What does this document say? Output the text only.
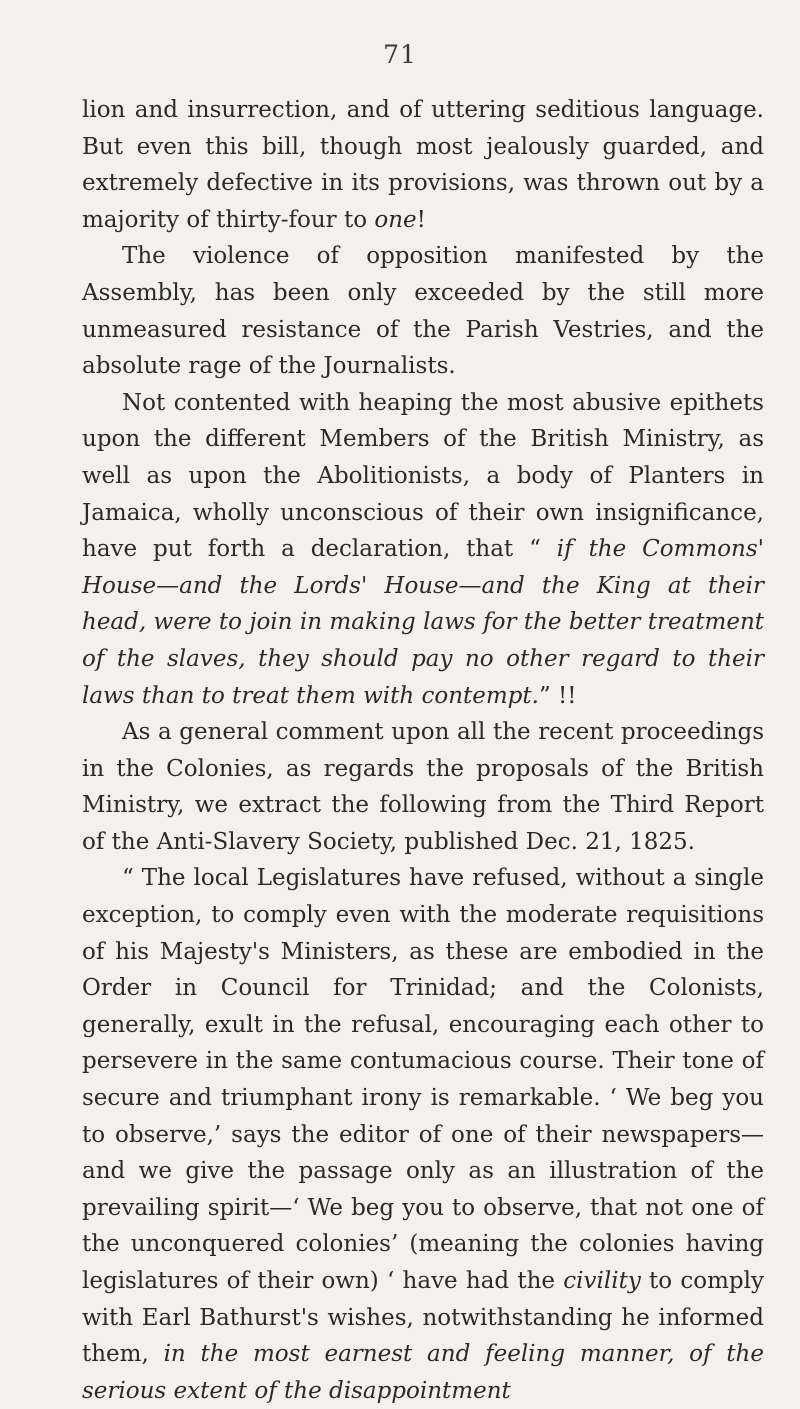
71

lion and insurrection, and of uttering seditious language. But even this bill, though most jealously guarded, and extremely defective in its provisions, was thrown out by a majority of thirty-four to one!

The violence of opposition manifested by the Assembly, has been only exceeded by the still more unmeasured resistance of the Parish Vestries, and the absolute rage of the Journalists.

Not contented with heaping the most abusive epithets upon the different Members of the British Ministry, as well as upon the Abolitionists, a body of Planters in Jamaica, wholly unconscious of their own insignificance, have put forth a declaration, that “ if the Commons' House—and the Lords' House—and the King at their head, were to join in making laws for the better treatment of the slaves, they should pay no other regard to their laws than to treat them with contempt.” !!

As a general comment upon all the recent proceedings in the Colonies, as regards the proposals of the British Ministry, we extract the following from the Third Report of the Anti-Slavery Society, published Dec. 21, 1825.

“ The local Legislatures have refused, without a single exception, to comply even with the moderate requisitions of his Majesty's Ministers, as these are embodied in the Order in Council for Trinidad; and the Colonists, generally, exult in the refusal, encouraging each other to persevere in the same contumacious course. Their tone of secure and triumphant irony is remarkable. ‘ We beg you to observe,’ says the editor of one of their newspapers—and we give the passage only as an illustration of the prevailing spirit—‘ We beg you to observe, that not one of the unconquered colonies’ (meaning the colonies having legislatures of their own) ‘ have had the civility to comply with Earl Bathurst's wishes, notwithstanding he informed them, in the most earnest and feeling manner, of the serious extent of the disappointment
